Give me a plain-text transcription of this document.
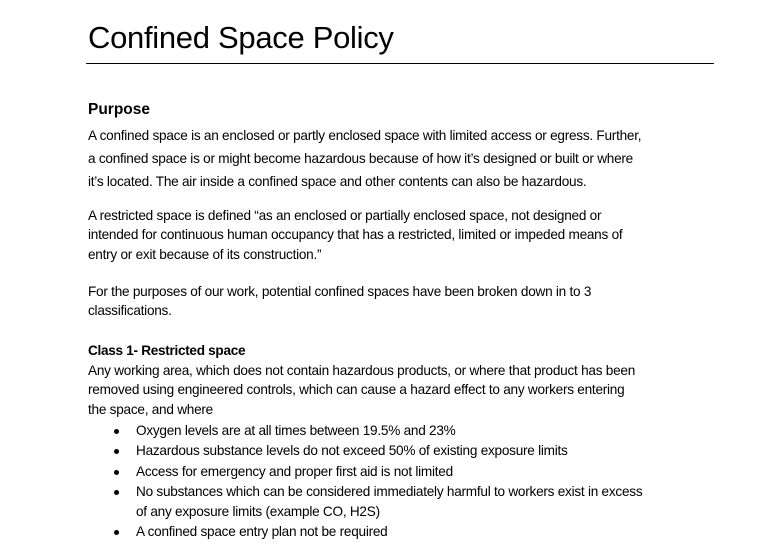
Confined Space Policy
Purpose
A confined space is an enclosed or partly enclosed space with limited access or egress. Further,
a confined space is or might become hazardous because of how it’s designed or built or where
it’s located. The air inside a confined space and other contents can also be hazardous.
A restricted space is defined “as an enclosed or partially enclosed space, not designed or
intended for continuous human occupancy that has a restricted, limited or impeded means of
entry or exit because of its construction.”
For the purposes of our work, potential confined spaces have been broken down in to 3
classifications.
Class 1- Restricted space
Any working area, which does not contain hazardous products, or where that product has been
removed using engineered controls, which can cause a hazard effect to any workers entering
the space, and where
Oxygen levels are at all times between 19.5% and 23%
Hazardous substance levels do not exceed 50% of existing exposure limits
Access for emergency and proper first aid is not limited
No substances which can be considered immediately harmful to workers exist in excess
of any exposure limits (example CO, H2S)
A confined space entry plan not be required
